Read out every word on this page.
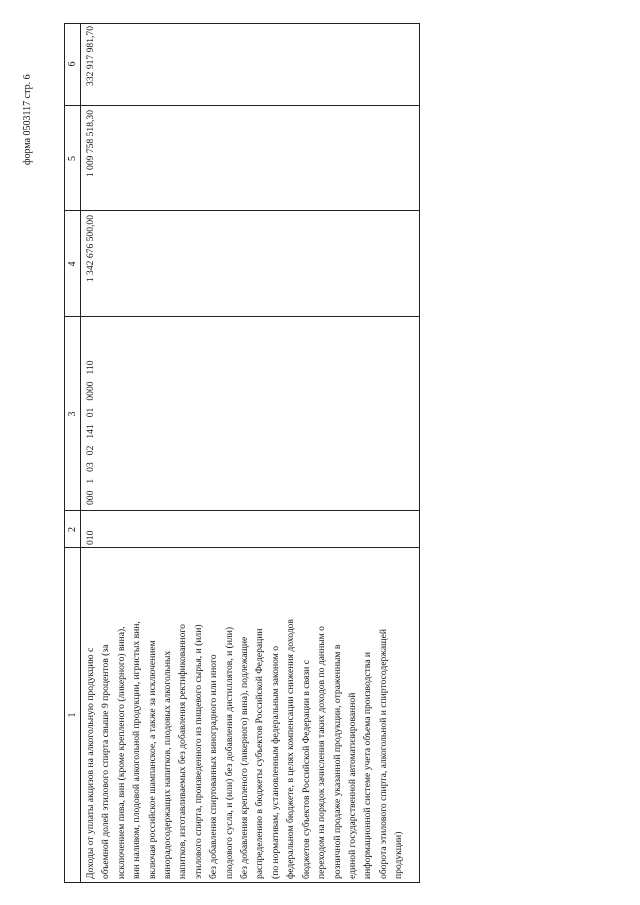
форма 0503117 стр. 6
1
2
3
4
5
6
Доходы от уплаты акцизов на алкогольную продукцию с объемной долей этилового спирта свыше 9 процентов (за исключением пива, вин (кроме крепленого (ликерного) вина), вин наливом, плодовой алкогольной продукции, игристых вин, включая российское шампанское, а также за исключением винорадосодержащих напитков, плодовых алкогольных напитков, изготавливаемых без добавления ректификованного этилового спирта, произведенного из пищевого сырья, и (или) без добавления спиртованных виноградного или иного плодового сусла, и (или) без добавления дистиллятов, и (или) без добавления крепленого (ликерного) вина), подлежащие распределению в бюджеты субъектов Российской Федерации (по нормативам, установленным федеральным законом о федеральном бюджете, в целях компенсации снижения доходов бюджетов субъектов Российской Федерации в связи с переходом на порядок зачисления таких доходов по данным о розничной продаже указанной продукции, отраженным в единой государственной автоматизированной информационной системе учета объема производства и оборота этилового спирта, алкогольной и спиртосодержащей продукции)
010
000
1
03
02
141
01
0000
110
1 342 676 500,00
1 009 758 518,30
332 917 981,70
